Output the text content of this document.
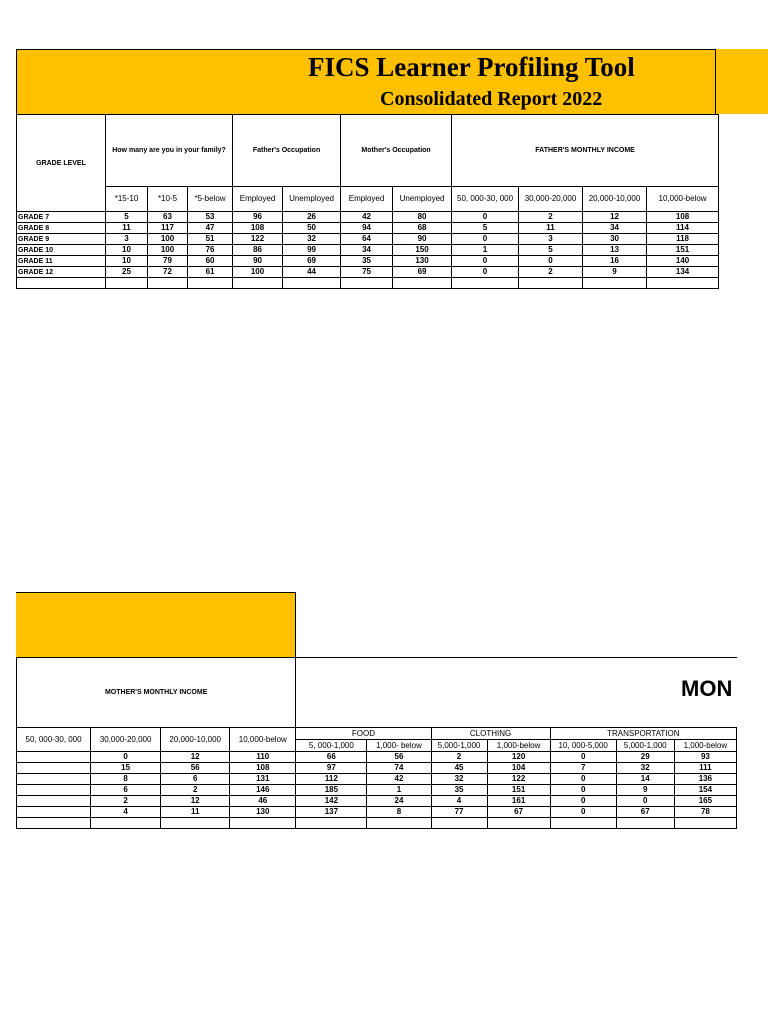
FICS Learner Profiling Tool
Consolidated Report 2022
GRADE LEVEL	How many are you in your family?			Father's Occupation		Mother's Occupation		FATHER'S MONTHLY INCOME			
	*15-10	*10-5	*5-below	Employed	Unemployed	Employed	Unemployed	50, 000-30, 000	30,000-20,000	20,000-10,000	10,000-below
GRADE 7	5	63	53	96	26	42	80	0	2	12	108
GRADE 8	11	117	47	108	50	94	68	5	11	34	114
GRADE 9	3	100	51	122	32	64	90	0	3	30	118
GRADE 10	10	100	76	86	99	34	150	1	5	13	151
GRADE 11	10	79	60	90	69	35	130	0	0	16	140
GRADE 12	25	72	61	100	44	75	69	0	2	9	134

MON
MOTHER'S MONTHLY INCOME										
50, 000-30, 000	30,000-20,000	20,000-10,000	10,000-below	FOOD		CLOTHING		TRANSPORTATION		
				5, 000-1,000	1,000- below	5,000-1,000	1,000-below	10, 000-5,000	5,000-1,000	1,000-below
	0	12	110	66	56	2	120	0	29	93
	15	56	108	97	74	45	104	7	32	111
	8	6	131	112	42	32	122	0	14	136
	6	2	146	185	1	35	151	0	9	154
	2	12	46	142	24	4	161	0	0	165
	4	11	130	137	8	77	67	0	67	78
